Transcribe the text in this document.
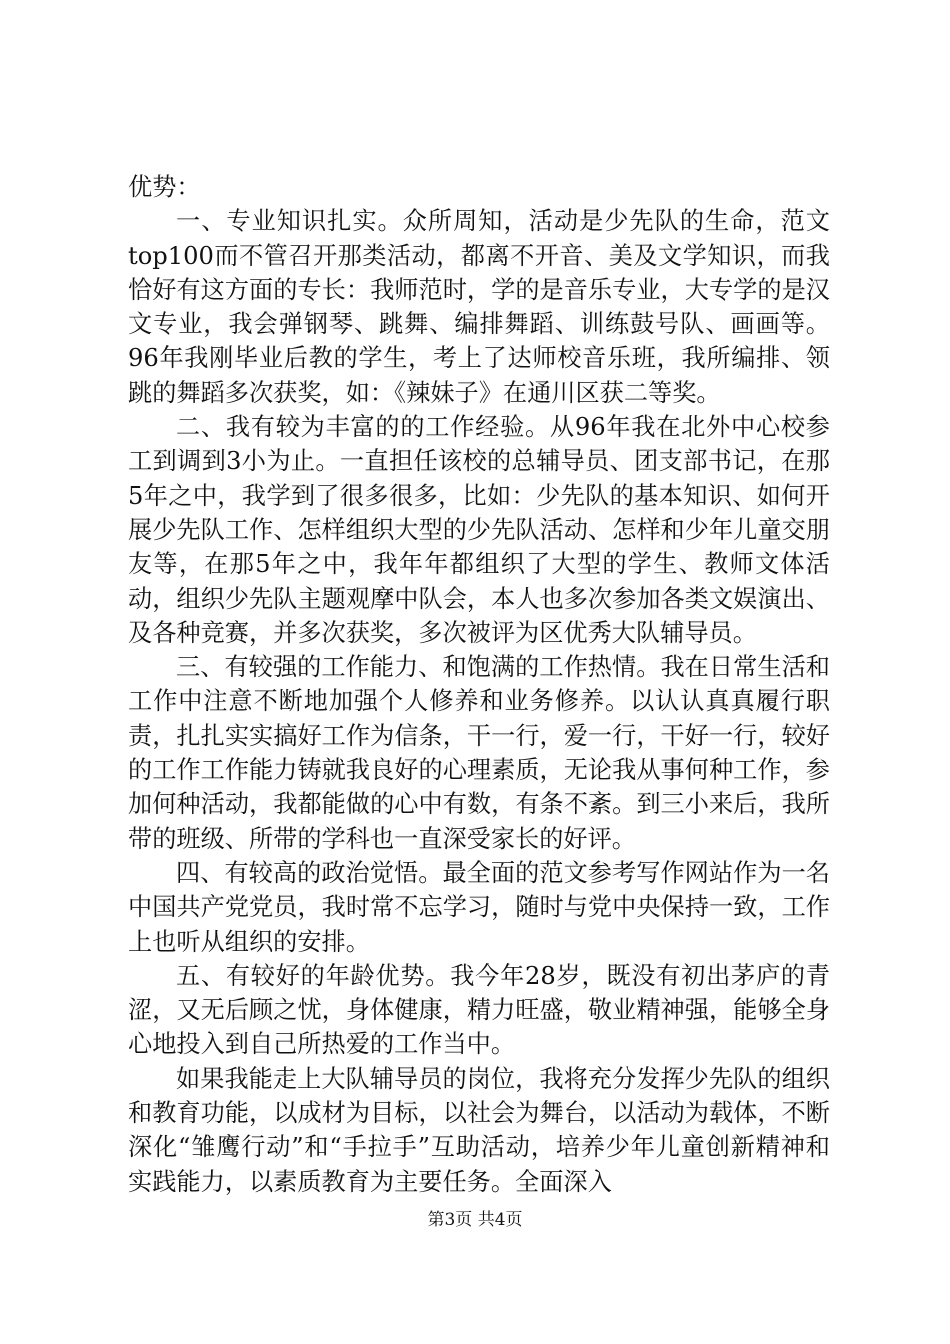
优势：

一、专业知识扎实。众所周知，活动是少先队的生命，范文top100而不管召开那类活动，都离不开音、美及文学知识，而我恰好有这方面的专长：我师范时，学的是音乐专业，大专学的是汉文专业，我会弹钢琴、跳舞、编排舞蹈、训练鼓号队、画画等。96年我刚毕业后教的学生，考上了达师校音乐班，我所编排、领跳的舞蹈多次获奖，如：《辣妹子》在通川区获二等奖。

二、我有较为丰富的的工作经验。从96年我在北外中心校参工到调到3小为止。一直担任该校的总辅导员、团支部书记，在那5年之中，我学到了很多很多，比如：少先队的基本知识、如何开展少先队工作、怎样组织大型的少先队活动、怎样和少年儿童交朋友等，在那5年之中，我年年都组织了大型的学生、教师文体活动，组织少先队主题观摩中队会，本人也多次参加各类文娱演出、及各种竞赛，并多次获奖，多次被评为区优秀大队辅导员。

三、有较强的工作能力、和饱满的工作热情。我在日常生活和工作中注意不断地加强个人修养和业务修养。以认认真真履行职责，扎扎实实搞好工作为信条，干一行，爱一行，干好一行，较好的工作工作能力铸就我良好的心理素质，无论我从事何种工作，参加何种活动，我都能做的心中有数，有条不紊。到三小来后，我所带的班级、所带的学科也一直深受家长的好评。

四、有较高的政治觉悟。最全面的范文参考写作网站作为一名中国共产党党员，我时常不忘学习，随时与党中央保持一致，工作上也听从组织的安排。

五、有较好的年龄优势。我今年28岁，既没有初出茅庐的青涩，又无后顾之忧，身体健康，精力旺盛，敬业精神强，能够全身心地投入到自己所热爱的工作当中。

如果我能走上大队辅导员的岗位，我将充分发挥少先队的组织和教育功能，以成材为目标，以社会为舞台，以活动为载体，不断深化“雏鹰行动”和“手拉手”互助活动，培养少年儿童创新精神和实践能力，以素质教育为主要任务。全面深入

第3页 共4页
